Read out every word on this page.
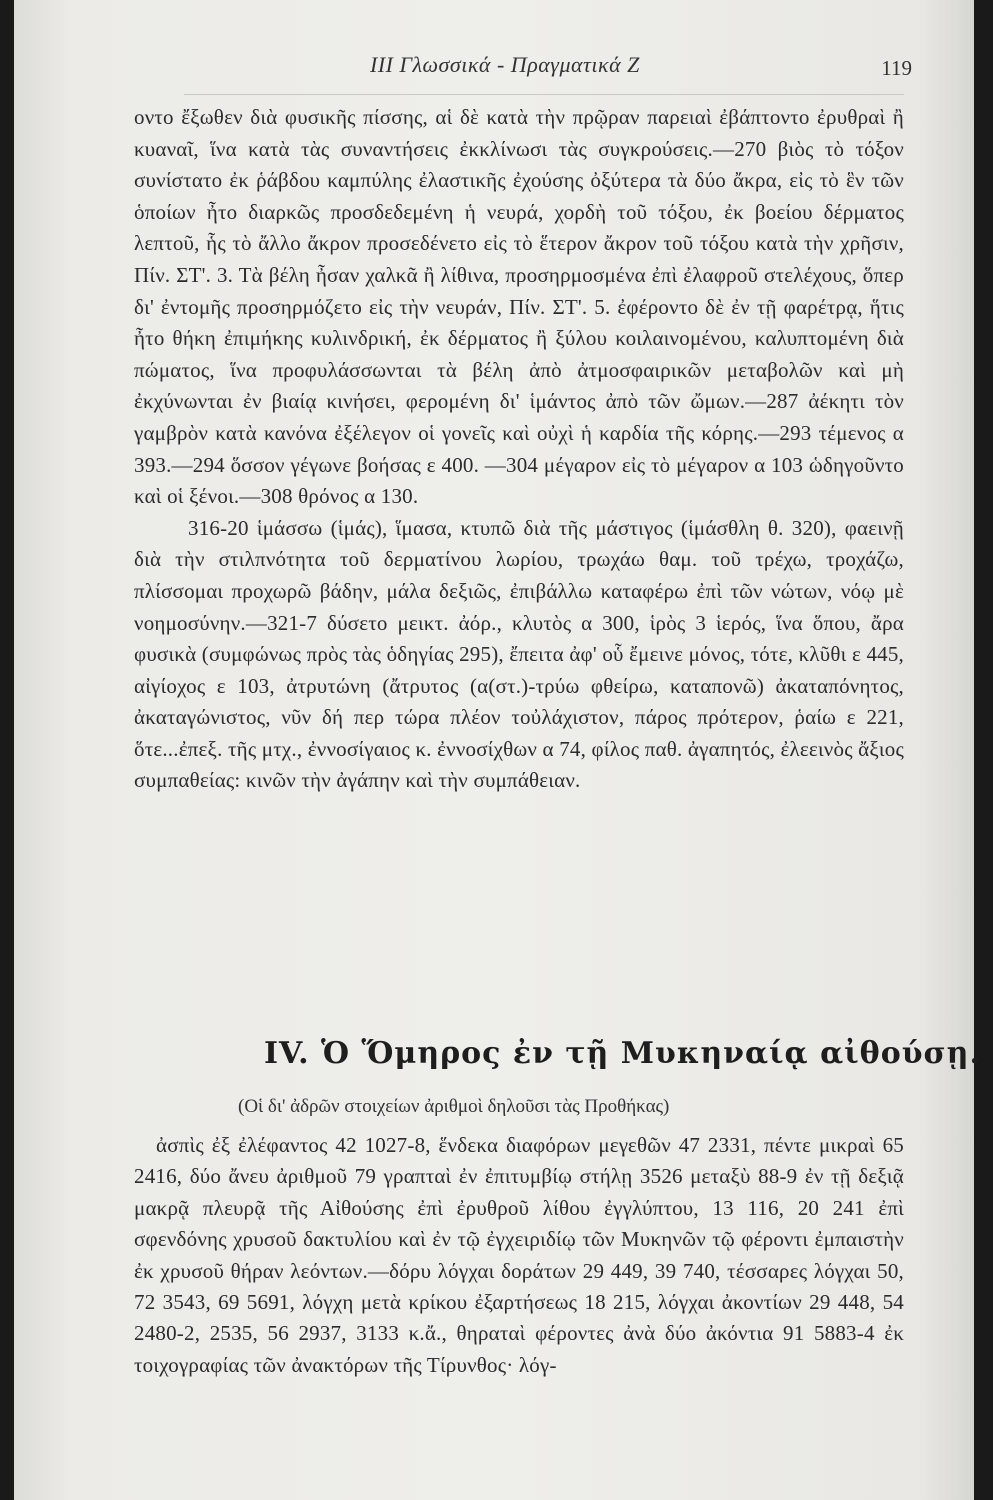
III Γλωσσικά - Πραγματικά Z	119

οντο ἔξωθεν διὰ φυσικῆς πίσσης, αἱ δὲ κατὰ τὴν πρῷραν παρειαὶ ἐβάπτοντο ἐρυθραὶ ἢ κυαναῖ, ἵνα κατὰ τὰς συναντήσεις ἐκκλίνωσι τὰς συγκρούσεις.—270 βιὸς τὸ τόξον συνίστατο ἐκ ῥάβδου καμπύλης ἐλαστικῆς ἐχούσης ὀξύτερα τὰ δύο ἄκρα, εἰς τὸ ἓν τῶν ὁποίων ἦτο διαρκῶς προσδεδεμένη ἡ νευρά, χορδὴ τοῦ τόξου, ἐκ βοείου δέρματος λεπτοῦ, ἧς τὸ ἄλλο ἄκρον προσεδένετο εἰς τὸ ἕτερον ἄκρον τοῦ τόξου κατὰ τὴν χρῆσιν, Πίν. ΣΤ'. 3. Τὰ βέλη ἦσαν χαλκᾶ ἢ λίθινα, προσηρμοσμένα ἐπὶ ἐλαφροῦ στελέχους, ὅπερ δι' ἐντομῆς προσηρμόζετο εἰς τὴν νευράν, Πίν. ΣΤ'. 5. ἐφέροντο δὲ ἐν τῇ φαρέτρᾳ, ἥτις ἦτο θήκη ἐπιμήκης κυλινδρική, ἐκ δέρματος ἢ ξύλου κοιλαινομένου, καλυπτομένη διὰ πώματος, ἵνα προφυλάσσωνται τὰ βέλη ἀπὸ ἀτμοσφαιρικῶν μεταβολῶν καὶ μὴ ἐκχύνωνται ἐν βιαίᾳ κινήσει, φερομένη δι' ἱμάντος ἀπὸ τῶν ὤμων.—287 ἀέκητι τὸν γαμβρὸν κατὰ κανόνα ἐξέλεγον οἱ γονεῖς καὶ οὐχὶ ἡ καρδία τῆς κόρης.—293 τέμενος α 393.—294 ὅσσον γέγωνε βοήσας ε 400. —304 μέγαρον εἰς τὸ μέγαρον α 103 ὡδηγοῦντο καὶ οἱ ξένοι.—308 θρόνος α 130.

316-20 ἱμάσσω (ἱμάς), ἵμασα, κτυπῶ διὰ τῆς μάστιγος (ἱμάσθλη θ. 320), φαεινῇ διὰ τὴν στιλπνότητα τοῦ δερματίνου λωρίου, τρωχάω θαμ. τοῦ τρέχω, τροχάζω, πλίσσομαι προχωρῶ βάδην, μάλα δεξιῶς, ἐπιβάλλω καταφέρω ἐπὶ τῶν νώτων, νόῳ μὲ νοημοσύνην.—321-7 δύσετο μεικτ. ἀόρ., κλυτὸς α 300, ἱρὸς 3 ἱερός, ἵνα ὅπου, ἄρα φυσικὰ (συμφώνως πρὸς τὰς ὁδηγίας 295), ἔπειτα ἀφ' οὗ ἔμεινε μόνος, τότε, κλῦθι ε 445, αἰγίοχος ε 103, ἀτρυτώνη (ἄτρυτος (α(στ.)-τρύω φθείρω, καταπονῶ) ἀκαταπόνητος, ἀκαταγώνιστος, νῦν δή περ τώρα πλέον τοὐλάχιστον, πάρος πρότερον, ῥαίω ε 221, ὅτε...ἐπεξ. τῆς μτχ., ἐννοσίγαιος κ. ἐννοσίχθων α 74, φίλος παθ. ἀγαπητός, ἐλεεινὸς ἄξιος συμπαθείας: κινῶν τὴν ἀγάπην καὶ τὴν συμπάθειαν.

IV. Ὁ Ὅμηρος ἐν τῇ Μυκηναίᾳ αἰθούσῃ.
(Οἱ δι' ἀδρῶν στοιχείων ἀριθμοὶ δηλοῦσι τὰς Προθήκας)

ἀσπὶς ἐξ ἐλέφαντος 42 1027-8, ἕνδεκα διαφόρων μεγεθῶν 47 2331, πέντε μικραὶ 65 2416, δύο ἄνευ ἀριθμοῦ 79 γραπταὶ ἐν ἐπιτυμβίῳ στήλῃ 3526 μεταξὺ 88-9 ἐν τῇ δεξιᾷ μακρᾷ πλευρᾷ τῆς Αἰθούσης ἐπὶ ἐρυθροῦ λίθου ἐγγλύπτου, 13 116, 20 241 ἐπὶ σφενδόνης χρυσοῦ δακτυλίου καὶ ἐν τῷ ἐγχειριδίῳ τῶν Μυκηνῶν τῷ φέροντι ἐμπαιστὴν ἐκ χρυσοῦ θήραν λεόντων.—δόρυ λόγχαι δοράτων 29 449, 39 740, τέσσαρες λόγχαι 50, 72 3543, 69 5691, λόγχη μετὰ κρίκου ἐξαρτήσεως 18 215, λόγχαι ἀκοντίων 29 448, 54 2480-2, 2535, 56 2937, 3133 κ.ἄ., θηραταὶ φέροντες ἀνὰ δύο ἀκόντια 91 5883-4 ἐκ τοιχογραφίας τῶν ἀνακτόρων τῆς Τίρυνθος· λόγ-
